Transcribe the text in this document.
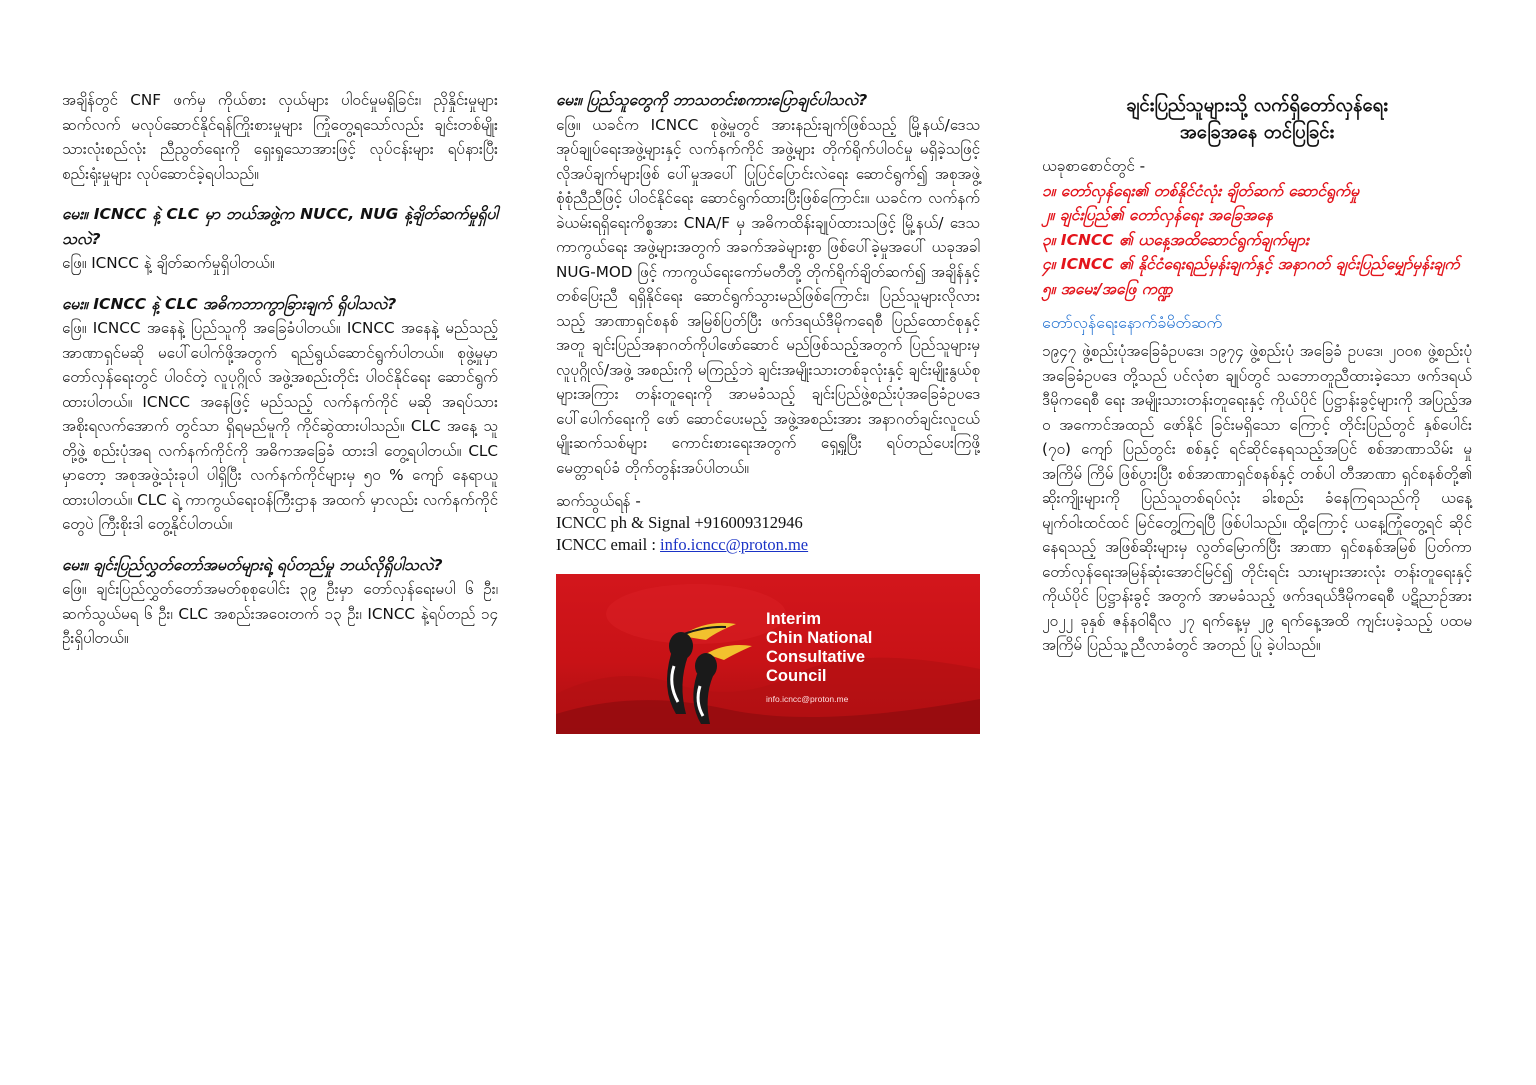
အချိန်တွင် CNF ဖက်မှ ကိုယ်စား လှယ်များ ပါဝင်မှုမရှိခြင်း၊ ညှိနှိုင်းမှုများ ဆက်လက် မလုပ်ဆောင်နိုင်ရန်ကြိုးစားမှုများ ကြုံတွေ့ရသော်လည်း ချင်းတစ်မျိုးသားလုံးစည်လုံး ညီညွတ်ရေးကို ရှေးရှုသောအားဖြင့် လုပ်ငန်းများ ရပ်နားပြီး စည်းရုံးမှုများ လုပ်ဆောင်ခဲ့ရပါသည်။

မေး။ ICNCC နဲ့ CLC မှာ ဘယ်အဖွဲ့က NUCC, NUG နဲ့ချိတ်ဆက်မှုရှိပါသလဲ?

ဖြေ။ ICNCC နဲ့ ချိတ်ဆက်မှုရှိပါတယ်။

မေး။ ICNCC နဲ့ CLC အဓိကဘာကွာခြားချက် ရှိပါသလဲ?

ဖြေ။ ICNCC အနေနဲ့ ပြည်သူကို အခြေခံပါတယ်။ ICNCC အနေနဲ့ မည်သည့် အာဏာရှင်မဆို မပေါ်ပေါက်ဖို့အတွက် ရည်ရွယ်ဆောင်ရွက်ပါတယ်။ စုဖွဲ့မှုမှာ တော်လှန်ရေးတွင် ပါဝင်တဲ့ လူပုဂ္ဂိုလ် အဖွဲ့အစည်းတိုင်း ပါဝင်နိုင်ရေး ဆောင်ရွက်ထားပါတယ်။ ICNCC အနေဖြင့် မည်သည့် လက်နက်ကိုင် မဆို အရပ်သားအစိုးရလက်အောက် တွင်သာ ရှိရမည်မူကို ကိုင်ဆွဲထားပါသည်။ CLC အနေ့ သူတို့ဖွဲ့ စည်းပုံအရ လက်နက်ကိုင်ကို အဓိကအခြေခံ ထားဒါ တွေ့ရပါတယ်။ CLC မှာတော့ အစုအဖွဲ့သုံးခုပါ ပါရှိပြီး လက်နက်ကိုင်များမှ ၅၀ % ကျော် နေရာယူ ထားပါတယ်။ CLC ရဲ့ ကာကွယ်ရေးဝန်ကြီးဌာန အထက် မှာလည်း လက်နက်ကိုင်တွေပဲ ကြီးစိုးဒါ တွေ့နိုင်ပါတယ်။

မေး။ ချင်းပြည်လွှတ်တော်အမတ်များရဲ့ ရပ်တည်မှု ဘယ်လိုရှိပါသလဲ?

ဖြေ။ ချင်းပြည်လွှတ်တော်အမတ်စုစုပေါင်း ၃၉ ဦးမှာ တော်လှန်ရေးမပါ ၆ ဦး၊ ဆက်သွယ်မရ ၆ ဦး၊ CLC အစည်းအဝေးတက် ၁၃ ဦး၊ ICNCC နဲ့ရပ်တည် ၁၄ ဦးရှိပါတယ်။

မေး။ ပြည်သူတွေကို ဘာသတင်းစကားပြောချင်ပါသလဲ?

ဖြေ။ ယခင်က ICNCC စုဖွဲ့မှုတွင် အားနည်းချက်ဖြစ်သည့် မြို့နယ်/ဒေသ အုပ်ချုပ်ရေးအဖွဲ့များနှင့် လက်နက်ကိုင် အဖွဲ့များ တိုက်ရိုက်ပါဝင်မှု မရှိခဲ့သဖြင့် လိုအပ်ချက်များဖြစ် ပေါ်မှုအပေါ် ပြုပြင်ပြောင်းလဲရေး ဆောင်ရွက်၍ အစုအဖွဲ့ စုံစုံညီညီဖြင့် ပါဝင်နိုင်ရေး ဆောင်ရွက်ထားပြီးဖြစ်ကြောင်း။ ယခင်က လက်နက်ခဲယမ်းရရှိရေးကိစ္စအား CNA/F မှ အဓိကထိန်းချုပ်ထားသဖြင့် မြို့နယ်/ ဒေသ ကာကွယ်ရေး အဖွဲ့များအတွက် အခက်အခဲများစွာ ဖြစ်ပေါ်ခဲ့မှုအပေါ် ယခုအခါ NUG-MOD ဖြင့် ကာကွယ်ရေးကော်မတီတို့ တိုက်ရိုက်ချိတ်ဆက်၍ အချိန်နှင့်တစ်ပြေးညီ ရရှိနိုင်ရေး ဆောင်ရွက်သွားမည်ဖြစ်ကြောင်း၊ ပြည်သူများလိုလားသည့် အာဏာရှင်စနစ် အမြစ်ပြတ်ပြီး ဖက်ဒရယ်ဒီမိုကရေစီ ပြည်ထောင်စုနှင့်အတူ ချင်းပြည်အနာဂတ်ကိုပါဖော်ဆောင် မည်ဖြစ်သည့်အတွက် ပြည်သူများမှ လူပုဂ္ဂိုလ်/အဖွဲ့ အစည်းကို မကြည့်ဘဲ ချင်းအမျိုးသားတစ်ခုလုံးနှင့် ချင်းမျိုးနွယ်စုများအကြား တန်းတူရေးကို အာမခံသည့် ချင်းပြည်ဖွဲ့စည်းပုံအခြေခံဥပဒေ ပေါ်ပေါက်ရေးကို ဖော် ဆောင်ပေးမည့် အဖွဲ့အစည်းအား အနာဂတ်ချင်းလူငယ် မျိုးဆက်သစ်များ ကောင်းစားရေးအတွက် ရှေ့ရှုပြီး ရပ်တည်ပေးကြဖို့ မေတ္တာရပ်ခံ တိုက်တွန်းအပ်ပါတယ်။

ဆက်သွယ်ရန် -

ICNCC ph & Signal +916009312946
ICNCC email : info.icncc@proton.me
Interim
Chin National
Consultative
Council
info.icncc@proton.me

ချင်းပြည်သူများသို့ လက်ရှိတော်လှန်ရေး

အခြေအနေ တင်ပြခြင်း

ယခုစာစောင်တွင် -

၁။ တော်လှန်ရေး၏ တစ်နိုင်ငံလုံး ချိတ်ဆက် ဆောင်ရွက်မှု

၂။ ချင်းပြည်၏ တော်လှန်ရေး အခြေအနေ

၃။ ICNCC ၏ ယနေ့အထိဆောင်ရွက်ချက်များ

၄။ ICNCC ၏ နိုင်ငံရေးရည်မှန်းချက်နှင့် အနာဂတ် ချင်းပြည်မျှော်မှန်းချက်

၅။ အမေး/အဖြေ ကဏ္ဍ

တော်လှန်ရေးနောက်ခံမိတ်ဆက်

၁၉၄၇ ဖွဲ့စည်းပုံအခြေခံဥပဒေ၊ ၁၉၇၄ ဖွဲ့စည်းပုံ အခြေခံ ဥပဒေ၊ ၂၀၀၈ ဖွဲ့စည်းပုံအခြေခံဥပဒေ တို့သည် ပင်လုံစာ ချုပ်တွင် သဘောတူညီထားခဲ့သော ဖက်ဒရယ် ဒီမိုကရေစီ ရေး အမျိုးသားတန်းတူရေးနှင့် ကိုယ်ပိုင် ပြဋ္ဌာန်းခွင့်များကို အပြည့်အဝ အကောင်အထည် ဖော်နိုင် ခြင်းမရှိသော ကြောင့် တိုင်းပြည်တွင် နှစ်ပေါင်း (၇၀) ကျော် ပြည်တွင်း စစ်နှင့် ရင်ဆိုင်နေရသည့်အပြင် စစ်အာဏာသိမ်း မှုအကြိမ် ကြိမ် ဖြစ်ပွားပြီး စစ်အာဏာရှင်စနစ်နှင့် တစ်ပါ တီအာဏာ ရှင်စနစ်တို့၏ ဆိုးကျိုးများကို ပြည်သူတစ်ရပ်လုံး ခါးစည်း ခံနေကြရသည်ကို ယနေ့မျက်ဝါးထင်ထင် မြင်တွေ့ကြရပြီ ဖြစ်ပါသည်။ ထို့ကြောင့် ယနေ့ကြုံတွေ့ရင် ဆိုင်နေရသည့် အဖြစ်ဆိုးများမှ လွတ်မြောက်ပြီး အာဏာ ရှင်စနစ်အမြစ် ပြတ်ကာ တော်လှန်ရေးအမြန်ဆုံးအောင်မြင်၍ တိုင်းရင်း သားများအားလုံး တန်းတူရေးနှင့်ကိုယ်ပိုင် ပြဋ္ဌာန်းခွင့် အတွက် အာမခံသည့် ဖက်ဒရယ်ဒီမိုကရေစီ ပဋိညာဉ်အား ၂၀၂၂ ခုနှစ် ဇန်နဝါရီလ ၂၇ ရက်နေ့မှ ၂၉ ရက်နေ့အထိ ကျင်းပခဲ့သည့် ပထမအကြိမ် ပြည်သူ့ညီလာခံတွင် အတည် ပြု ခဲ့ပါသည်။
